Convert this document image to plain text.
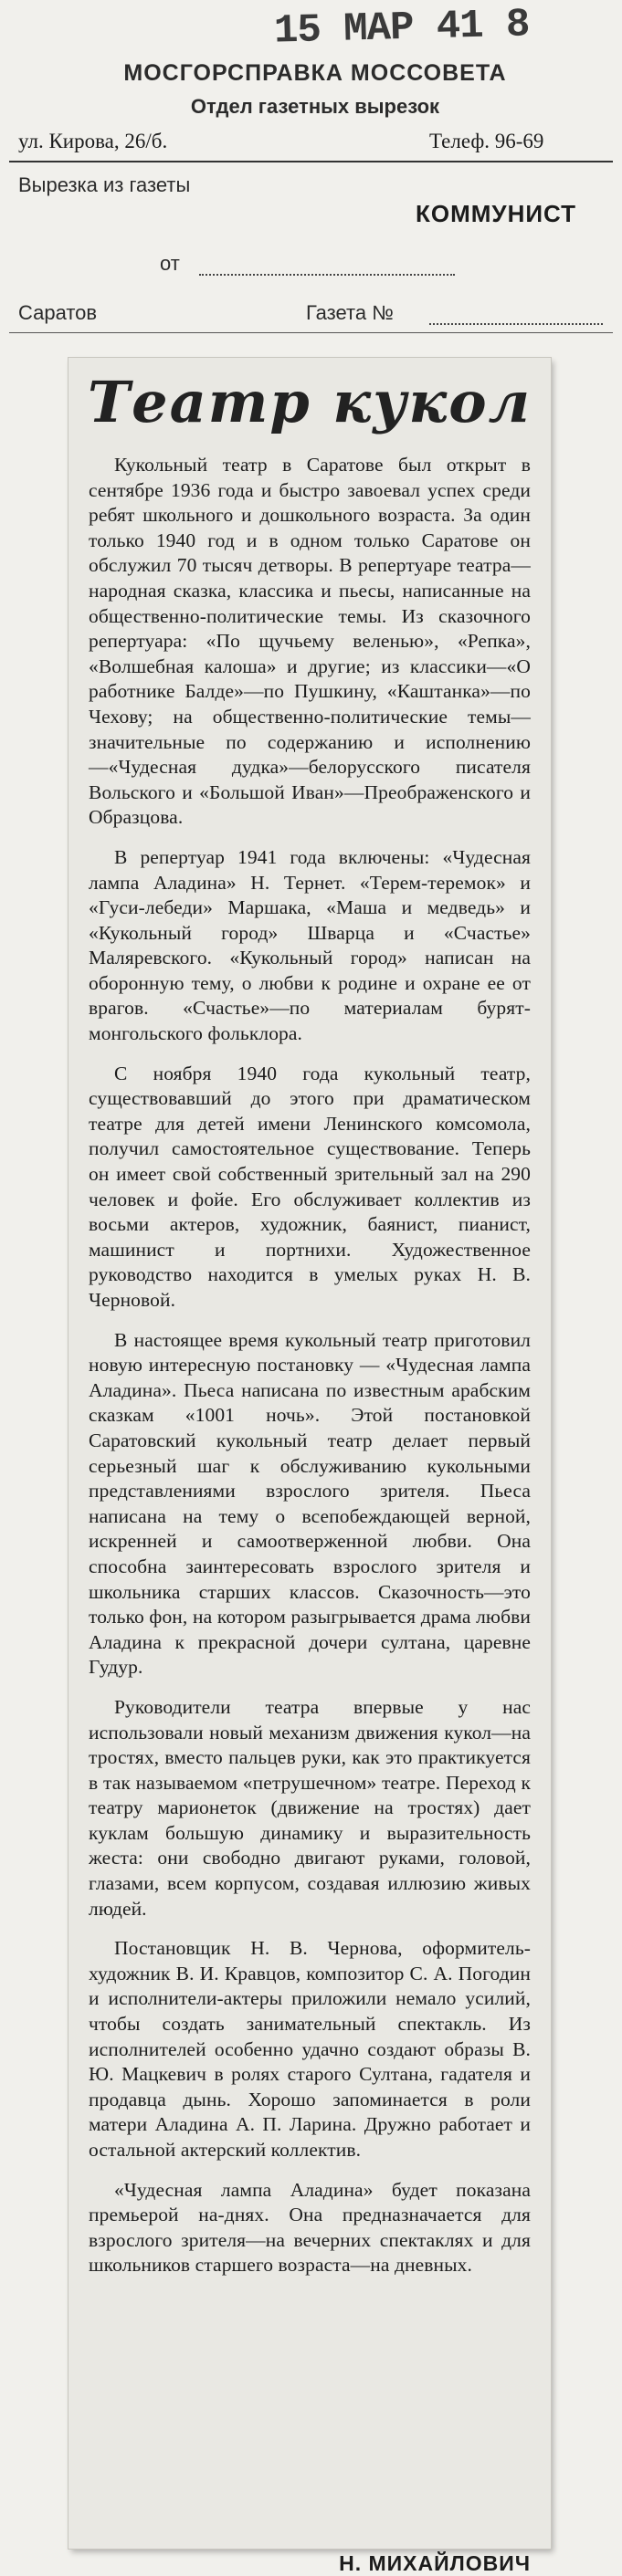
15 MAP 41 8
МОСГОРСПРАВКА МОССОВЕТА
Отдел газетных вырезок
ул. Кирова, 26/б.	Телеф. 96-69
Вырезка из газеты
КОММУНИСТ
от
Саратов	Газета №
Театр кукол

Кукольный театр в Саратове был открыт в сентябре 1936 года и быстро завоевал успех среди ребят школьного и дошкольного возраста. За один только 1940 год и в одном только Саратове он обслужил 70 тысяч детворы. В репертуаре театра—народная сказка, классика и пьесы, написанные на общественно-политические темы. Из сказочного репертуара: «По щучьему веленью», «Репка», «Волшебная калоша» и другие; из классики—«О работнике Балде»—по Пушкину, «Каштанка»—по Чехову; на общественно-политические темы—значительные по содержанию и исполнению—«Чудесная дудка»—белорусского писателя Вольского и «Большой Иван»—Преображенского и Образцова.

В репертуар 1941 года включены: «Чудесная лампа Аладина» Н. Тернет. «Терем-теремок» и «Гуси-лебеди» Маршака, «Маша и медведь» и «Кукольный город» Шварца и «Счастье» Маляревского. «Кукольный город» написан на оборонную тему, о любви к родине и охране ее от врагов. «Счастье»—по материалам бурят-монгольского фольклора.

С ноября 1940 года кукольный театр, существовавший до этого при драматическом театре для детей имени Ленинского комсомола, получил самостоятельное существование. Теперь он имеет свой собственный зрительный зал на 290 человек и фойе. Его обслуживает коллектив из восьми актеров, художник, баянист, пианист, машинист и портнихи. Художественное руководство находится в умелых руках Н. В. Черновой.

В настоящее время кукольный театр приготовил новую интересную постановку — «Чудесная лампа Аладина». Пьеса написана по известным арабским сказкам «1001 ночь». Этой постановкой Саратовский кукольный театр делает первый серьезный шаг к обслуживанию кукольными представлениями взрослого зрителя. Пьеса написана на тему о всепобеждающей верной, искренней и самоотверженной любви. Она способна заинтересовать взрослого зрителя и школьника старших классов. Сказочность—это только фон, на котором разыгрывается драма любви Аладина к прекрасной дочери султана, царевне Гудур.

Руководители театра впервые у нас использовали новый механизм движения кукол—на тростях, вместо пальцев руки, как это практикуется в так называемом «петрушечном» театре. Переход к театру марионеток (движение на тростях) дает куклам большую динамику и выразительность жеста: они свободно двигают руками, головой, глазами, всем корпусом, создавая иллюзию живых людей.

Постановщик Н. В. Чернова, оформитель-художник В. И. Кравцов, композитор С. А. Погодин и исполнители-актеры приложили немало усилий, чтобы создать занимательный спектакль. Из исполнителей особенно удачно создают образы В. Ю. Мацкевич в ролях старого Султана, гадателя и продавца дынь. Хорошо запоминается в роли матери Аладина А. П. Ларина. Дружно работает и остальной актерский коллектив.

«Чудесная лампа Аладина» будет показана премьерой на-днях. Она предназначается для взрослого зрителя—на вечерних спектаклях и для школьников старшего возраста—на дневных.

Н. МИХАЙЛОВИЧ
